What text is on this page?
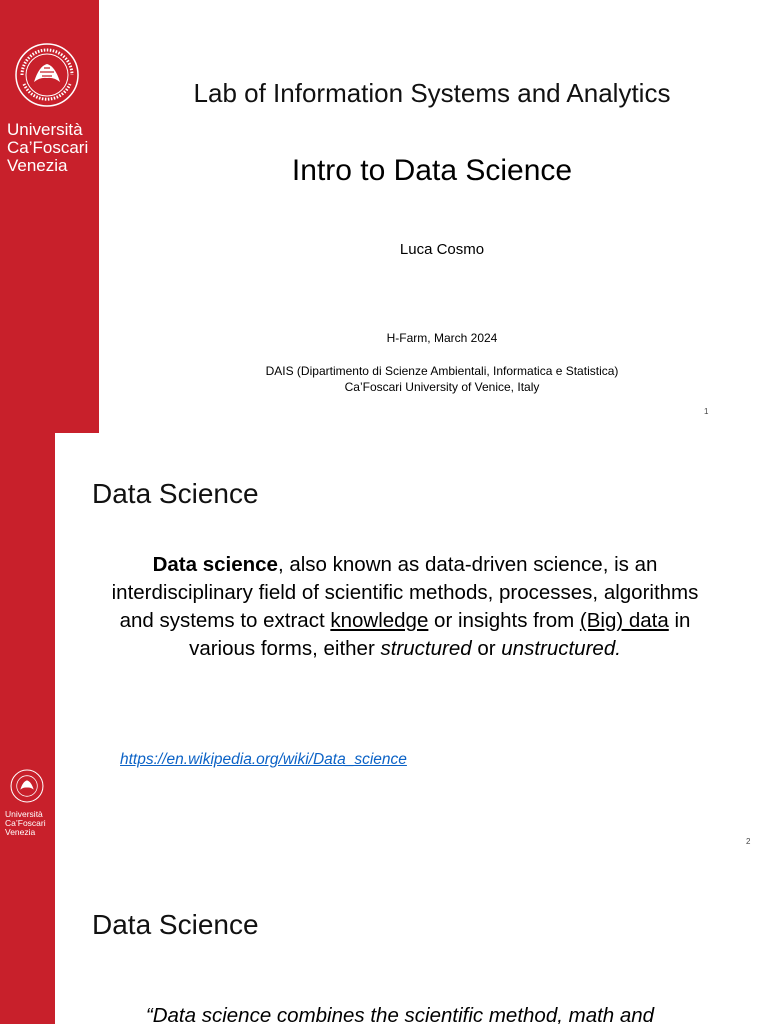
Università
Ca’Foscari
Venezia
Lab of Information Systems and Analytics
Intro to Data Science
Luca Cosmo
H-Farm, March 2024
DAIS (Dipartimento di Scienze Ambientali, Informatica e Statistica)
Ca’Foscari University of Venice, Italy
1
Università
Ca’Foscari
Venezia
Data Science
Data science, also known as data-driven science, is an interdisciplinary field of scientific methods, processes, algorithms and systems to extract knowledge or insights from (Big) data in various forms, either structured or unstructured.
https://en.wikipedia.org/wiki/Data_science
2
Data Science
“Data science combines the scientific method, math and
